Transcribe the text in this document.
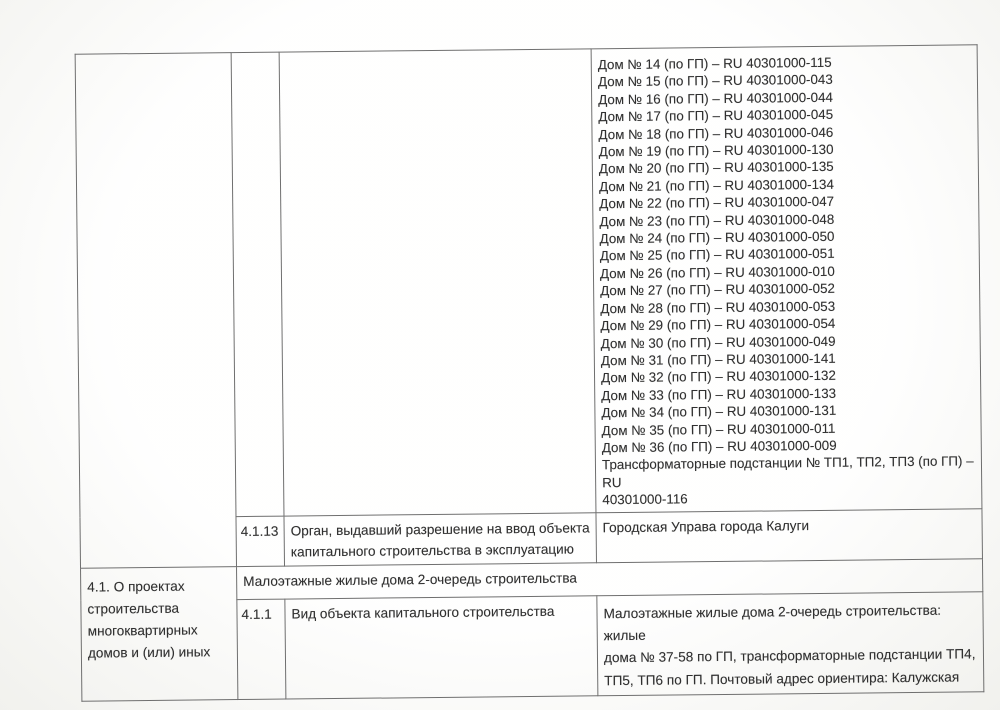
			Дом № 14 (по ГП) – RU 40301000-115
Дом № 15 (по ГП) – RU 40301000-043
Дом № 16 (по ГП) – RU 40301000-044
Дом № 17 (по ГП) – RU 40301000-045
Дом № 18 (по ГП) – RU 40301000-046
Дом № 19 (по ГП) – RU 40301000-130
Дом № 20 (по ГП) – RU 40301000-135
Дом № 21 (по ГП) – RU 40301000-134
Дом № 22 (по ГП) – RU 40301000-047
Дом № 23 (по ГП) – RU 40301000-048
Дом № 24 (по ГП) – RU 40301000-050
Дом № 25 (по ГП) – RU 40301000-051
Дом № 26 (по ГП) – RU 40301000-010
Дом № 27 (по ГП) – RU 40301000-052
Дом № 28 (по ГП) – RU 40301000-053
Дом № 29 (по ГП) – RU 40301000-054
Дом № 30 (по ГП) – RU 40301000-049
Дом № 31 (по ГП) – RU 40301000-141
Дом № 32 (по ГП) – RU 40301000-132
Дом № 33 (по ГП) – RU 40301000-133
Дом № 34 (по ГП) – RU 40301000-131
Дом № 35 (по ГП) – RU 40301000-011
Дом № 36 (по ГП) – RU 40301000-009
Трансформаторные подстанции № ТП1, ТП2, ТП3 (по ГП) – RU
40301000-116
	4.1.13	Орган, выдавший разрешение на ввод объекта
капитального строительства в эксплуатацию	Городская Управа города Калуги
4.1. О проектах
строительства
многоквартирных
домов и (или) иных	Малоэтажные жилые дома 2-очередь строительства		
	4.1.1	Вид объекта капитального строительства	Малоэтажные жилые дома 2-очередь строительства: жилые
дома № 37-58 по ГП, трансформаторные подстанции ТП4,
ТП5, ТП6 по ГП. Почтовый адрес ориентира: Калужская
